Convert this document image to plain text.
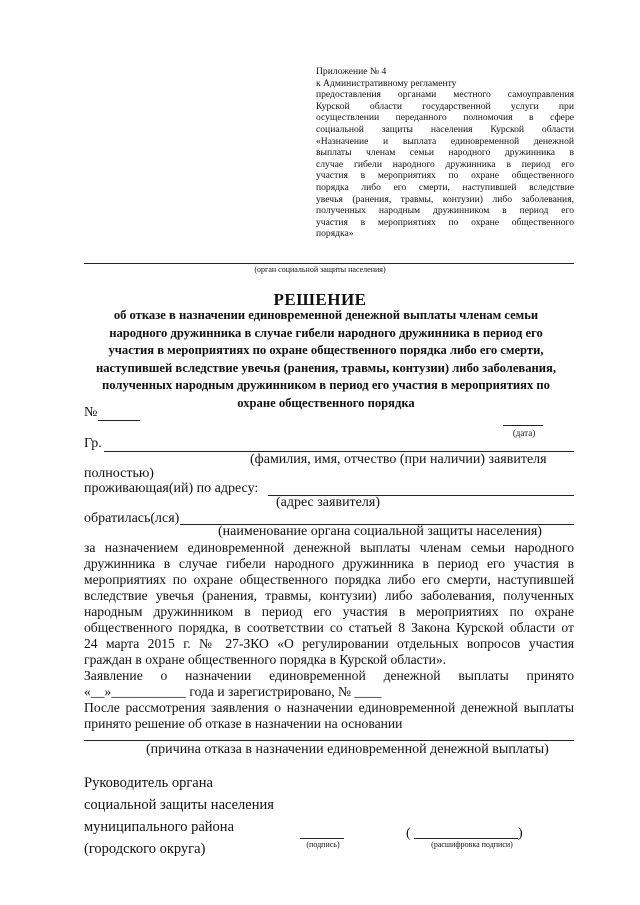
Приложение № 4
к Административному регламенту
предоставления органами местного самоуправления
Курской области государственной услуги при
осуществлении переданного полномочия в сфере
социальной защиты населения Курской области
«Назначение и выплата единовременной денежной
выплаты членам семьи народного дружинника в
случае гибели народного дружинника в период его
участия в мероприятиях по охране общественного
порядка либо его смерти, наступившей вследствие
увечья (ранения, травмы, контузии) либо заболевания,
полученных народным дружинником в период его
участия в мероприятиях по охране общественного
порядка»
(орган социальной защиты населения)
РЕШЕНИЕ
об отказе в назначении единовременной денежной выплаты членам семьи
народного дружинника в случае гибели народного дружинника в период его
участия в мероприятиях по охране общественного порядка либо его смерти,
наступившей вследствие увечья (ранения, травмы, контузии) либо заболевания,
полученных народным дружинником в период его участия в мероприятиях по
охране общественного порядка
№
(дата)
Гр.
(фамилия, имя, отчество (при наличии) заявителя
полностью)
проживающая(ий) по адресу:
(адрес заявителя)
обратилась(лся)
(наименование органа социальной защиты населения)
за назначением единовременной денежной выплаты членам семьи народного
дружинника в случае гибели народного дружинника в период его участия в
мероприятиях по охране общественного порядка либо его смерти, наступившей
вследствие увечья (ранения, травмы, контузии) либо заболевания, полученных
народным дружинником в период его участия в мероприятиях по охране
общественного порядка, в соответствии со статьей 8 Закона Курской области от
24 марта 2015 г. № 27-ЗКО «О регулировании отдельных вопросов участия
граждан в охране общественного порядка в Курской области».
Заявление о назначении единовременной денежной выплаты принято
«__»___________ года и зарегистрировано, № ____
После рассмотрения заявления о назначении единовременной денежной выплаты
принято решение об отказе в назначении на основании
(причина отказа в назначении единовременной денежной выплаты)
Руководитель органа
социальной защиты населения
муниципального района
(городского округа)	(подпись)
(	)
(расшифровка подписи)
